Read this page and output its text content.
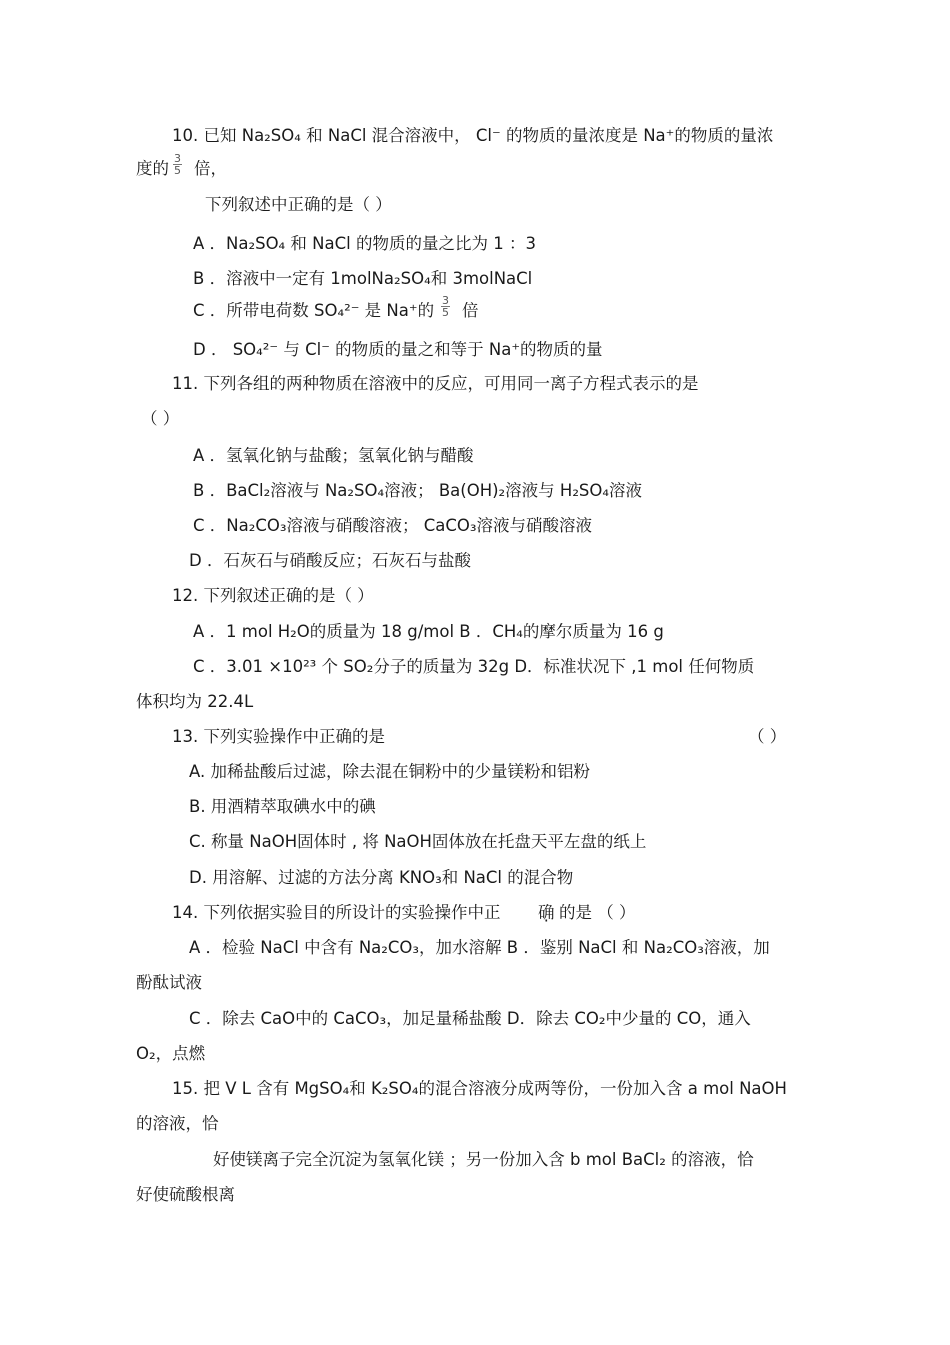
10. 已知 Na₂SO₄ 和 NaCl 混合溶液中， Cl⁻ 的物质的量浓度是 Na⁺的物质的量浓
度的 倍，
下列叙述中正确的是（ ）
A ．Na₂SO₄ 和 NaCl 的物质的量之比为 1 ：3
B ．溶液中一定有 1molNa₂SO₄和 3molNaCl
C ．所带电荷数 SO₄²⁻ 是 Na⁺的 倍
D ． SO₄²⁻ 与 Cl⁻ 的物质的量之和等于 Na⁺的物质的量
11. 下列各组的两种物质在溶液中的反应，可用同一离子方程式表示的是
（ ）
A ．氢氧化钠与盐酸；氢氧化钠与醋酸
B ．BaCl₂溶液与 Na₂SO₄溶液； Ba(OH)₂溶液与 H₂SO₄溶液
C ．Na₂CO₃溶液与硝酸溶液； CaCO₃溶液与硝酸溶液
D ．石灰石与硝酸反应；石灰石与盐酸
12. 下列叙述正确的是（ ）
A ．1 mol H₂O的质量为 18 g/mol B ．CH₄的摩尔质量为 16 g
C ．3.01 ×10²³ 个 SO₂分子的质量为 32g D．标准状况下 ,1 mol 任何物质
体积均为 22.4L
13. 下列实验操作中正确的是	（ ）
A. 加稀盐酸后过滤，除去混在铜粉中的少量镁粉和铝粉
B. 用酒精萃取碘水中的碘
C. 称量 NaOH固体时 , 将 NaOH固体放在托盘天平左盘的纸上
D. 用溶解、过滤的方法分离 KNO₃和 NaCl 的混合物
14. 下列依据实验目的所设计的实验操作中正	的是 （ ）
A ．检验 NaCl 中含有 Na₂CO₃，加水溶解 B ．鉴别 NaCl 和 Na₂CO₃溶液，加
酚酞试液
C ．除去 CaO中的 CaCO₃，加足量稀盐酸 D．除去 CO₂中少量的 CO，通入
O₂，点燃
15. 把 V L 含有 MgSO₄和 K₂SO₄的混合溶液分成两等份，一份加入含 a mol NaOH
的溶液，恰
好使镁离子完全沉淀为氢氧化镁 ；另一份加入含 b mol BaCl₂ 的溶液，恰
好使硫酸根离
$\frac{3}{5}$
$\frac{3}{5}$
确 ·
